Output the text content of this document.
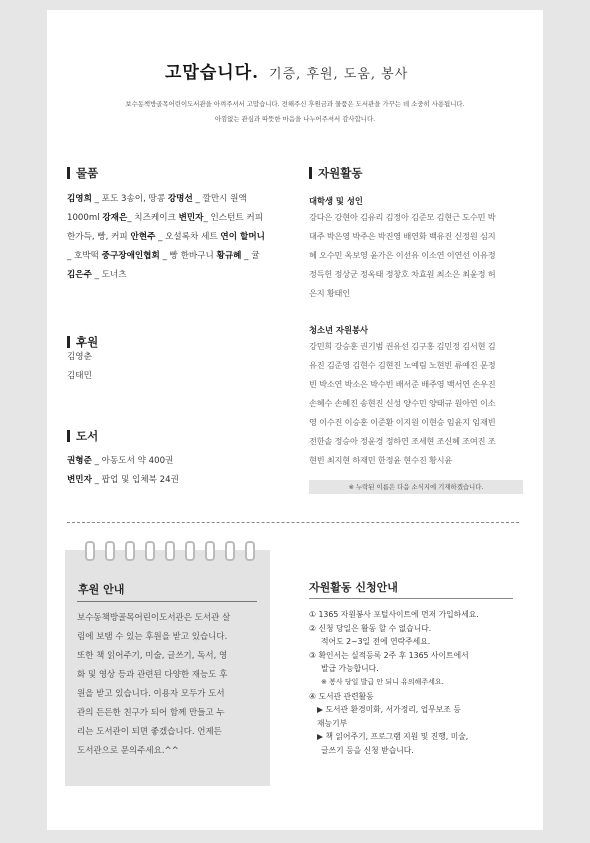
고맙습니다. 기증, 후원, 도움, 봉사
보수동책방골목어린이도서관을 아껴주셔서 고맙습니다. 전해주신 후원금과 물품은 도서관을 가꾸는 데 소중히 사용됩니다.
아낌없는 관심과 따뜻한 마음을 나누어주셔서 감사합니다.
물품
김영희 _ 포도 3송이, 땅콩 강명선 _ 깔만시 원액
1000ml 강재은_ 치즈케이크 변민자_ 인스턴트 커피
한가득, 빵, 커피 안현주 _ 오설록차 세트 연이 할머니
_ 호박떡 중구장애인협회 _ 빵 한바구니 황규혜 _ 귤
김은주 _ 도너츠
후원
김영춘
김태민
도서
권형준 _ 아동도서 약 400권
변민자 _ 팝업 및 입체북 24권
자원활동
대학생 및 성인
강다은 강현아 김유리 김정아 김준모 김현근 도수민 박
대주 박은영 박주은 박진영 배연화 백유진 신정원 심지
혜 오수민 옥보영 윤가은 이선유 이소연 이연선 이유정
정득헌 정상군 정옥태 정창호 차효원 최소은 최윤정 허
은지 황태인
청소년 자원봉사
강민희 강승훈 권기범 권유선 김구홍 김민정 김서현 김
유진 김준영 김현수 김현진 노예림 노현빈 류예진 문정
빈 박소연 박소은 박수빈 배서준 배주영 백서연 손우진
손혜수 손혜진 송현진 신성 양수민 양태규 원아연 이소
영 이수진 이승훈 이준환 이지원 이현승 임윤지 임재빈
전한솔 정승아 정윤경 정하연 조세현 조신혜 조여진 조
현빈 최지현 하재민 한정윤 현수진 황시윤
※ 누락된 이름은 다음 소식지에 기재하겠습니다.
후원 안내
보수동책방골목어린이도서관은 도서관 살
림에 보탬 수 있는 후원을 받고 있습니다.
또한 책 읽어주기, 미술, 글쓰기, 독서, 영
화 및 영상 등과 관련된 다양한 재능도 후
원을 받고 있습니다. 이용자 모두가 도서
관의 든든한 친구가 되어 함께 만들고 누
리는 도서관이 되면 좋겠습니다. 언제든
도서관으로 문의주세요.^^
자원활동 신청안내
① 1365 자원봉사 포털사이트에 먼저 가입하세요.
② 신청 당일은 활동 할 수 없습니다.
적어도 2~3일 전에 연락주세요.
③ 확인서는 실적등록 2주 후 1365 사이트에서
발급 가능합니다.
※ 봉사 당일 발급 안 되니 유의해주세요.
④ 도서관 관련활동
▶ 도서관 환경미화, 서가정리, 업무보조 등
재능기부
▶ 책 읽어주기, 프로그램 지원 및 진행, 미술,
글쓰기 등을 신청 받습니다.
